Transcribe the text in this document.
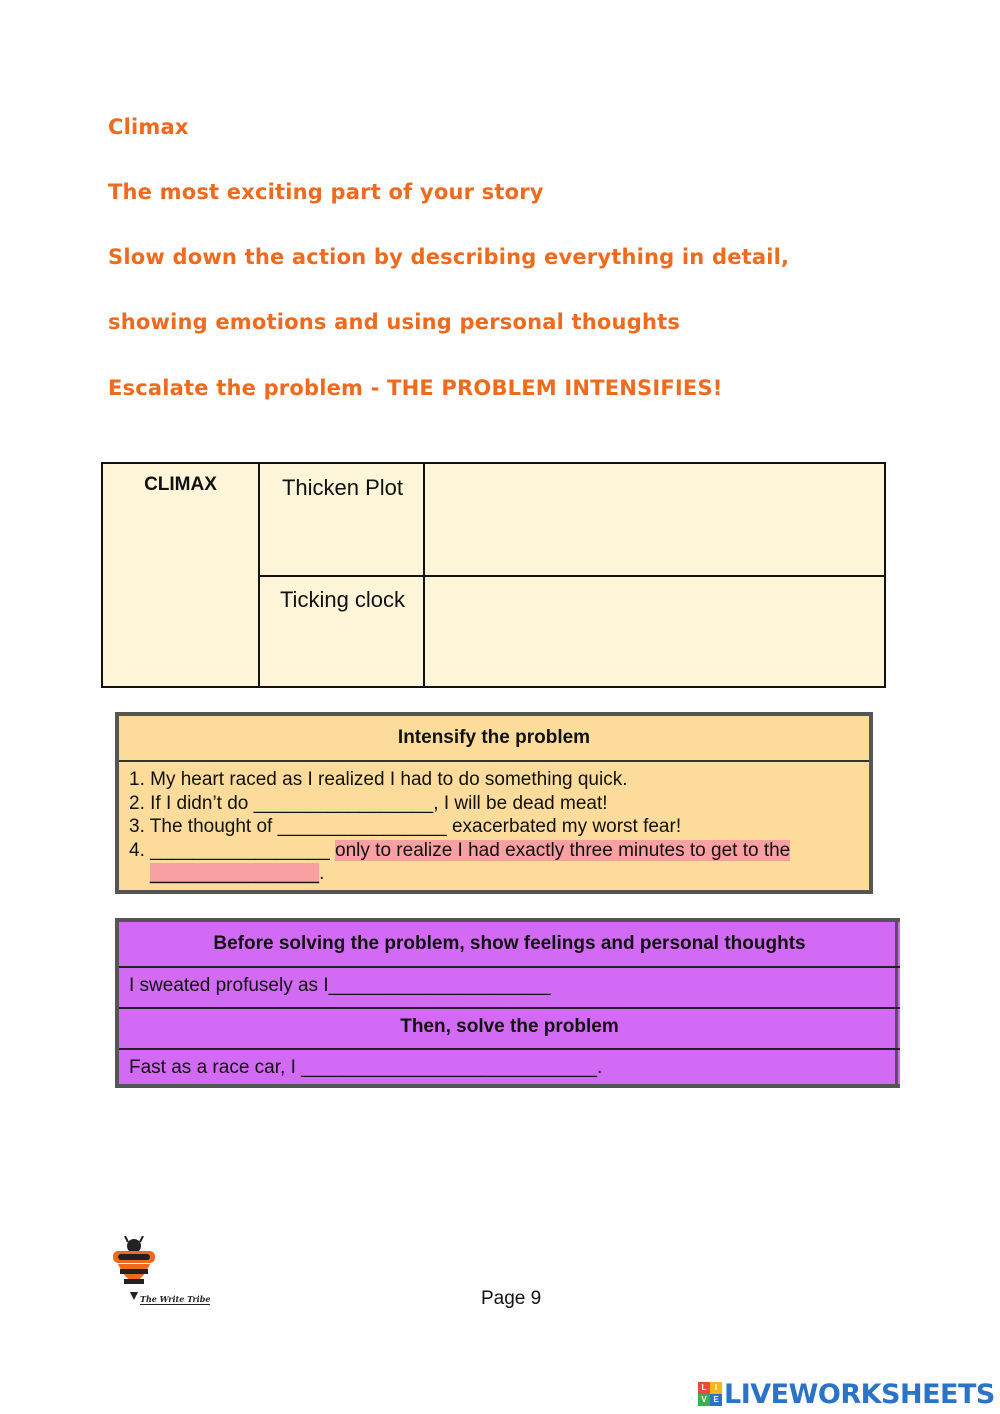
Climax
The most exciting part of your story
Slow down the action by describing everything in detail,
showing emotions and using personal thoughts
Escalate the problem - THE PROBLEM INTENSIFIES!
CLIMAX	Thicken Plot
Ticking clock
Intensify the problem
1. My heart raced as I realized I had to do something quick.
2. If I didn’t do _________________, I will be dead meat!
3. The thought of ________________ exacerbated my worst fear!
4. _________________ only to realize I had exactly three minutes to get to the
________________.
Before solving the problem, show feelings and personal thoughts
I sweated profusely as I_____________________
Then, solve the problem
Fast as a race car, I ____________________________.
The Write Tribe	Page 9
L	I
V E LIVEWORKSHEETS
